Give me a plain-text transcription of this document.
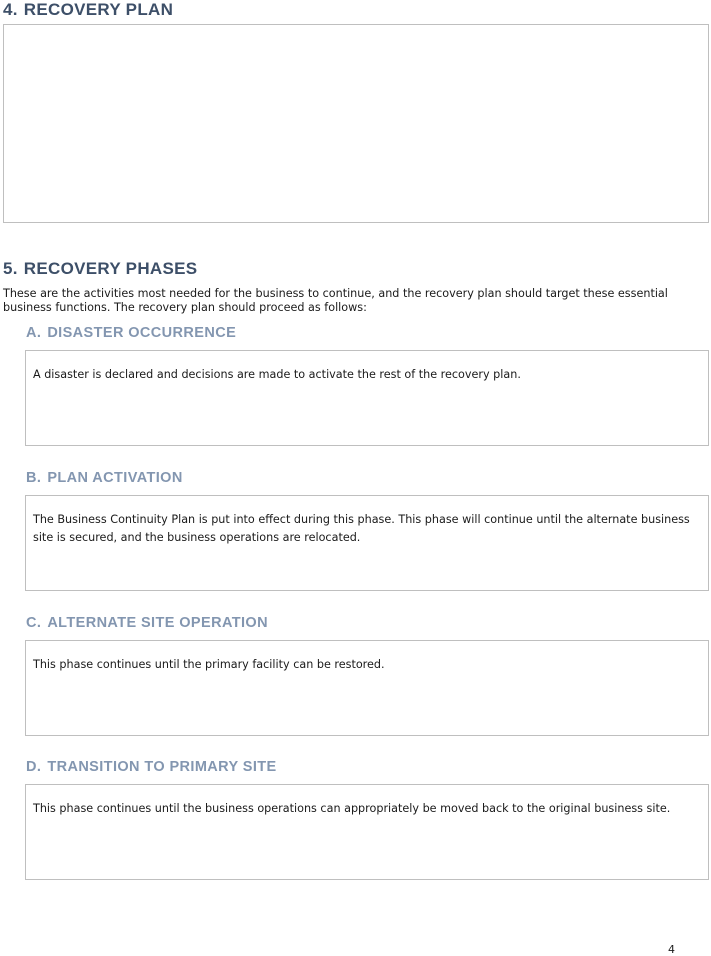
4. RECOVERY PLAN

5. RECOVERY PHASES

These are the activities most needed for the business to continue, and the recovery plan should target these essential business functions. The recovery plan should proceed as follows:

A. DISASTER OCCURRENCE

A disaster is declared and decisions are made to activate the rest of the recovery plan.

B. PLAN ACTIVATION

The Business Continuity Plan is put into effect during this phase. This phase will continue until the alternate business site is secured, and the business operations are relocated.

C. ALTERNATE SITE OPERATION

This phase continues until the primary facility can be restored.

D. TRANSITION TO PRIMARY SITE

This phase continues until the business operations can appropriately be moved back to the original business site.

4
